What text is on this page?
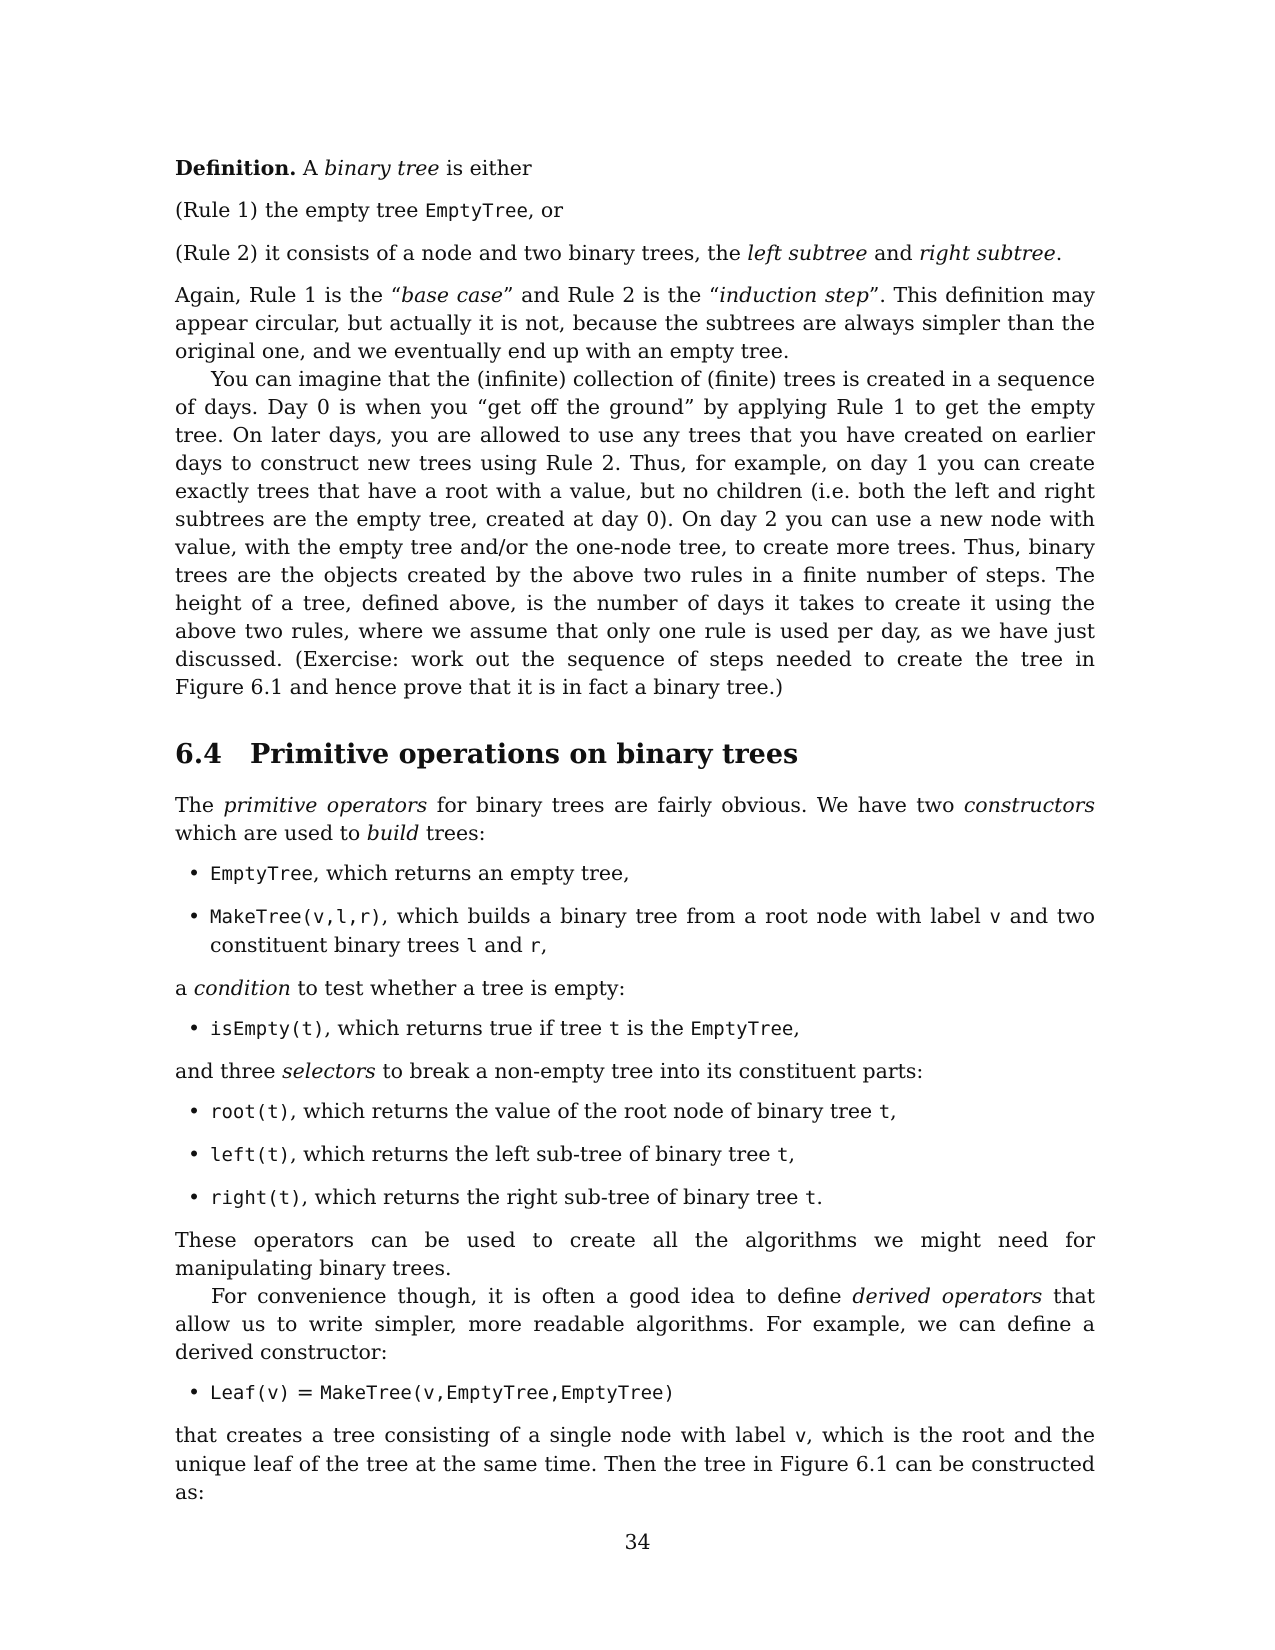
Definition. A binary tree is either

(Rule 1) the empty tree EmptyTree, or
(Rule 2) it consists of a node and two binary trees, the left subtree and right subtree.

Again, Rule 1 is the “base case” and Rule 2 is the “induction step”. This definition may appear circular, but actually it is not, because the subtrees are always simpler than the original one, and we eventually end up with an empty tree.

You can imagine that the (infinite) collection of (finite) trees is created in a sequence of days. Day 0 is when you “get off the ground” by applying Rule 1 to get the empty tree. On later days, you are allowed to use any trees that you have created on earlier days to construct new trees using Rule 2. Thus, for example, on day 1 you can create exactly trees that have a root with a value, but no children (i.e. both the left and right subtrees are the empty tree, created at day 0). On day 2 you can use a new node with value, with the empty tree and/or the one-node tree, to create more trees. Thus, binary trees are the objects created by the above two rules in a finite number of steps. The height of a tree, defined above, is the number of days it takes to create it using the above two rules, where we assume that only one rule is used per day, as we have just discussed. (Exercise: work out the sequence of steps needed to create the tree in Figure 6.1 and hence prove that it is in fact a binary tree.)

6.4	Primitive operations on binary trees

The primitive operators for binary trees are fairly obvious. We have two constructors which are used to build trees:

• EmptyTree, which returns an empty tree,
• MakeTree(v,l,r), which builds a binary tree from a root node with label v and two constituent binary trees l and r,

a condition to test whether a tree is empty:

• isEmpty(t), which returns true if tree t is the EmptyTree,

and three selectors to break a non-empty tree into its constituent parts:

• root(t), which returns the value of the root node of binary tree t,
• left(t), which returns the left sub-tree of binary tree t,
• right(t), which returns the right sub-tree of binary tree t.

These operators can be used to create all the algorithms we might need for manipulating binary trees.

For convenience though, it is often a good idea to define derived operators that allow us to write simpler, more readable algorithms. For example, we can define a derived constructor:

• Leaf(v) = MakeTree(v,EmptyTree,EmptyTree)

that creates a tree consisting of a single node with label v, which is the root and the unique leaf of the tree at the same time. Then the tree in Figure 6.1 can be constructed as:

34
